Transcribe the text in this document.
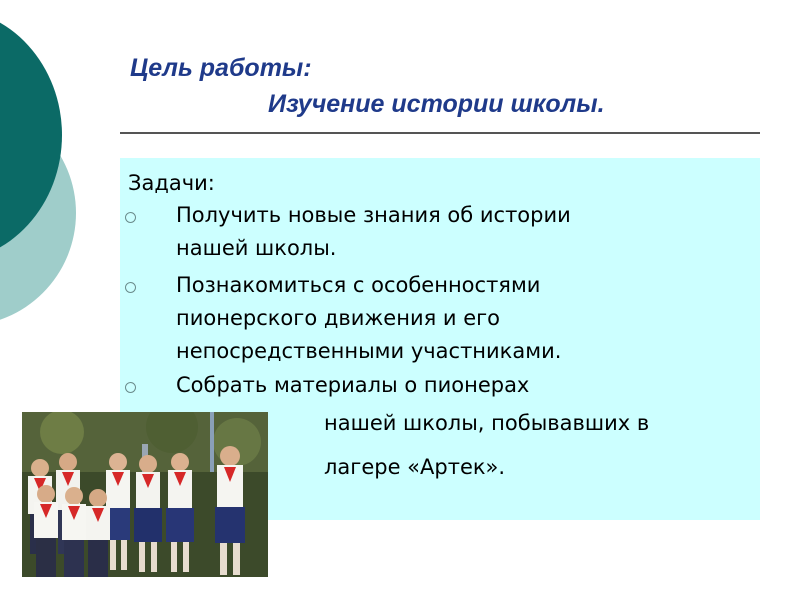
Цель работы:
Изучение истории школы.
Задачи:
Получить новые знания об истории
нашей школы.
Познакомиться с особенностями
пионерского движения и его
непосредственными участниками.
Собрать материалы о пионерах
нашей школы, побывавших в
лагере «Артек».
